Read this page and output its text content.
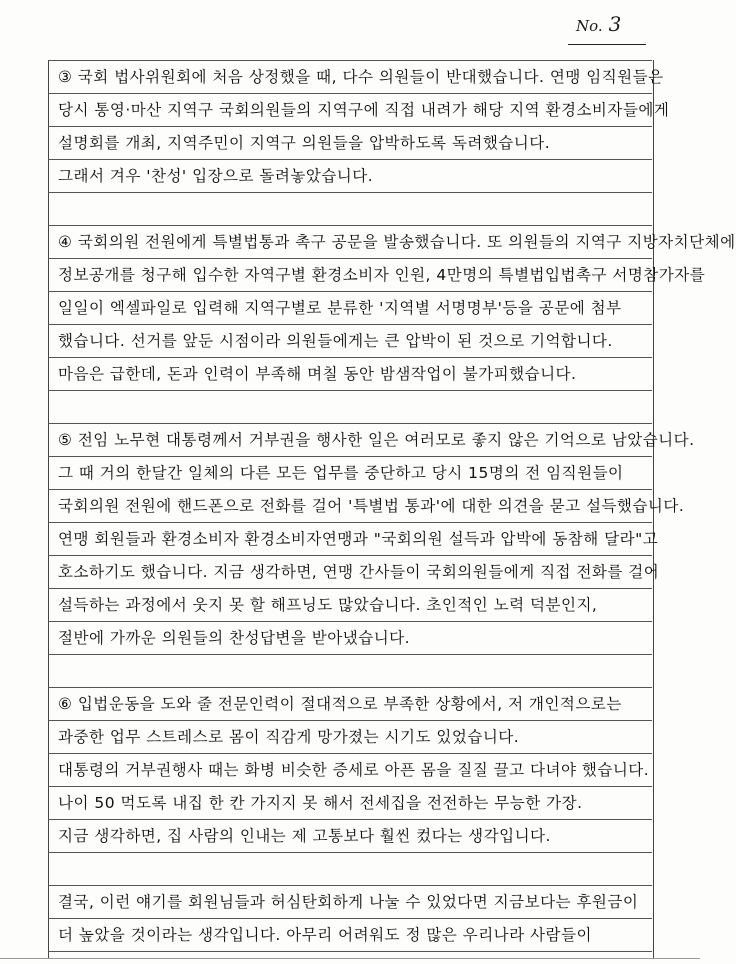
No. 3
③ 국회 법사위원회에 처음 상정했을 때, 다수 의원들이 반대했습니다. 연맹 임직원들은
당시 통영·마산 지역구 국회의원들의 지역구에 직접 내려가 해당 지역 환경소비자들에게
설명회를 개최, 지역주민이 지역구 의원들을 압박하도록 독려했습니다.
그래서 겨우 '찬성' 입장으로 돌려놓았습니다.
④ 국회의원 전원에게 특별법통과 촉구 공문을 발송했습니다. 또 의원들의 지역구 지방자치단체에
정보공개를 청구해 입수한 자역구별 환경소비자 인원, 4만명의 특별법입법촉구 서명참가자를
일일이 엑셀파일로 입력해 지역구별로 분류한 '지역별 서명명부'등을 공문에 첨부
했습니다. 선거를 앞둔 시점이라 의원들에게는 큰 압박이 된 것으로 기억합니다.
마음은 급한데, 돈과 인력이 부족해 며칠 동안 밤샘작업이 불가피했습니다.
⑤ 전임 노무현 대통령께서 거부권을 행사한 일은 여러모로 좋지 않은 기억으로 남았습니다.
그 때 거의 한달간 일체의 다른 모든 업무를 중단하고 당시 15명의 전 임직원들이
국회의원 전원에 핸드폰으로 전화를 걸어 '특별법 통과'에 대한 의견을 묻고 설득했습니다.
연맹 회원들과 환경소비자 환경소비자연맹과 "국회의원 설득과 압박에 동참해 달라"고
호소하기도 했습니다. 지금 생각하면, 연맹 간사들이 국회의원들에게 직접 전화를 걸어
설득하는 과정에서 웃지 못 할 해프닝도 많았습니다. 초인적인 노력 덕분인지,
절반에 가까운 의원들의 찬성답변을 받아냈습니다.
⑥ 입법운동을 도와 줄 전문인력이 절대적으로 부족한 상황에서, 저 개인적으로는
과중한 업무 스트레스로 몸이 직감게 망가졌는 시기도 있었습니다.
대통령의 거부권행사 때는 화병 비슷한 증세로 아픈 몸을 질질 끌고 다녀야 했습니다.
나이 50 먹도록 내집 한 칸 가지지 못 해서 전세집을 전전하는 무능한 가장.
지금 생각하면, 집 사람의 인내는 제 고통보다 훨씬 컸다는 생각입니다.
결국, 이런 얘기를 회원님들과 허심탄회하게 나눌 수 있었다면 지금보다는 후원금이
더 높았을 것이라는 생각입니다. 아무리 어려워도 정 많은 우리나라 사람들이
